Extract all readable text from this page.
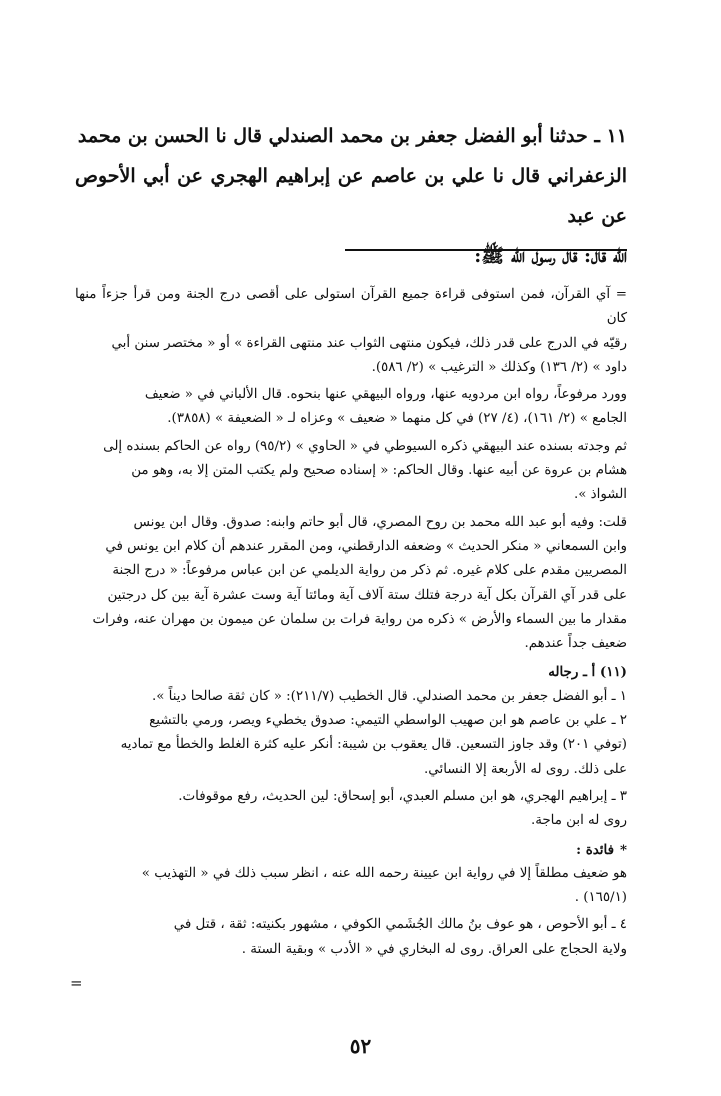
١١ ـ حدثنا أبو الفضل جعفر بن محمد الصندلي قال نا الحسن بن محمد

الزعفراني قال نا علي بن عاصم عن إبراهيم الهجري عن أبي الأحوص عن عبد

الله قال: قال رسول الله ﷺ:

= آي القرآن، فمن استوفى قراءة جميع القرآن استولى على أقصى درج الجنة ومن قرأ جزءاً منها كان

رقيّه في الدرج على قدر ذلك، فيكون منتهى الثواب عند منتهى القراءة » أو « مختصر سنن أبي

داود » (٢/ ١٣٦) وكذلك « الترغيب » (٢/ ٥٨٦).

وورد مرفوعاً، رواه ابن مردويه عنها، ورواه البيهقي عنها بنحوه. قال الألباني في « ضعيف

الجامع » (٢/ ١٦١)، (٤/ ٢٧) في كل منهما « ضعيف » وعزاه لـ « الضعيفة » (٣٨٥٨).

ثم وجدته بسنده عند البيهقي ذكره السيوطي في « الحاوي » (٩٥/٢) رواه عن الحاكم بسنده إلى

هشام بن عروة عن أبيه عنها. وقال الحاكم: « إسناده صحيح ولم يكتب المتن إلا به، وهو من

الشواذ ».

قلت: وفيه أبو عبد الله محمد بن روح المصري، قال أبو حاتم وابنه: صدوق. وقال ابن يونس

وابن السمعاني « منكر الحديث » وضعفه الدارقطني، ومن المقرر عندهم أن كلام ابن يونس في

المصريين مقدم على كلام غيره. ثم ذكر من رواية الديلمي عن ابن عباس مرفوعاً: « درج الجنة

على قدر آي القرآن بكل آية درجة فتلك ستة آلاف آية ومائتا آية وست عشرة آية بين كل درجتين

مقدار ما بين السماء والأرض » ذكره من رواية فرات بن سلمان عن ميمون بن مهران عنه، وفرات

ضعيف جداً عندهم.

(١١) أ ـ رجاله

١ ـ أبو الفضل جعفر بن محمد الصندلي. قال الخطيب (٢١١/٧): « كان ثقة صالحا ديناً ».

٢ ـ علي بن عاصم هو ابن صهيب الواسطي التيمي: صدوق يخطيء ويصر، ورمي بالتشيع

(توفي ٢٠١) وقد جاوز التسعين. قال يعقوب بن شيبة: أنكر عليه كثرة الغلط والخطأ مع تماديه

على ذلك. روى له الأربعة إلا النسائي.

٣ ـ إبراهيم الهجري، هو ابن مسلم العبدي، أبو إسحاق: لين الحديث، رفع موقوفات.

روى له ابن ماجة.

*فائدة :

هو ضعيف مطلقاً إلا في رواية ابن عيينة رحمه الله عنه ، انظر سبب ذلك في « التهذيب »

(١٦٥/١) .

٤ ـ أبو الأحوص ، هو عوف بنُ مالك الجُشَمي الكوفي ، مشهور بكنيته: ثقة ، قتل في

ولاية الحجاج على العراق. روى له البخاري في « الأدب » وبقية الستة .

=
٥٢
